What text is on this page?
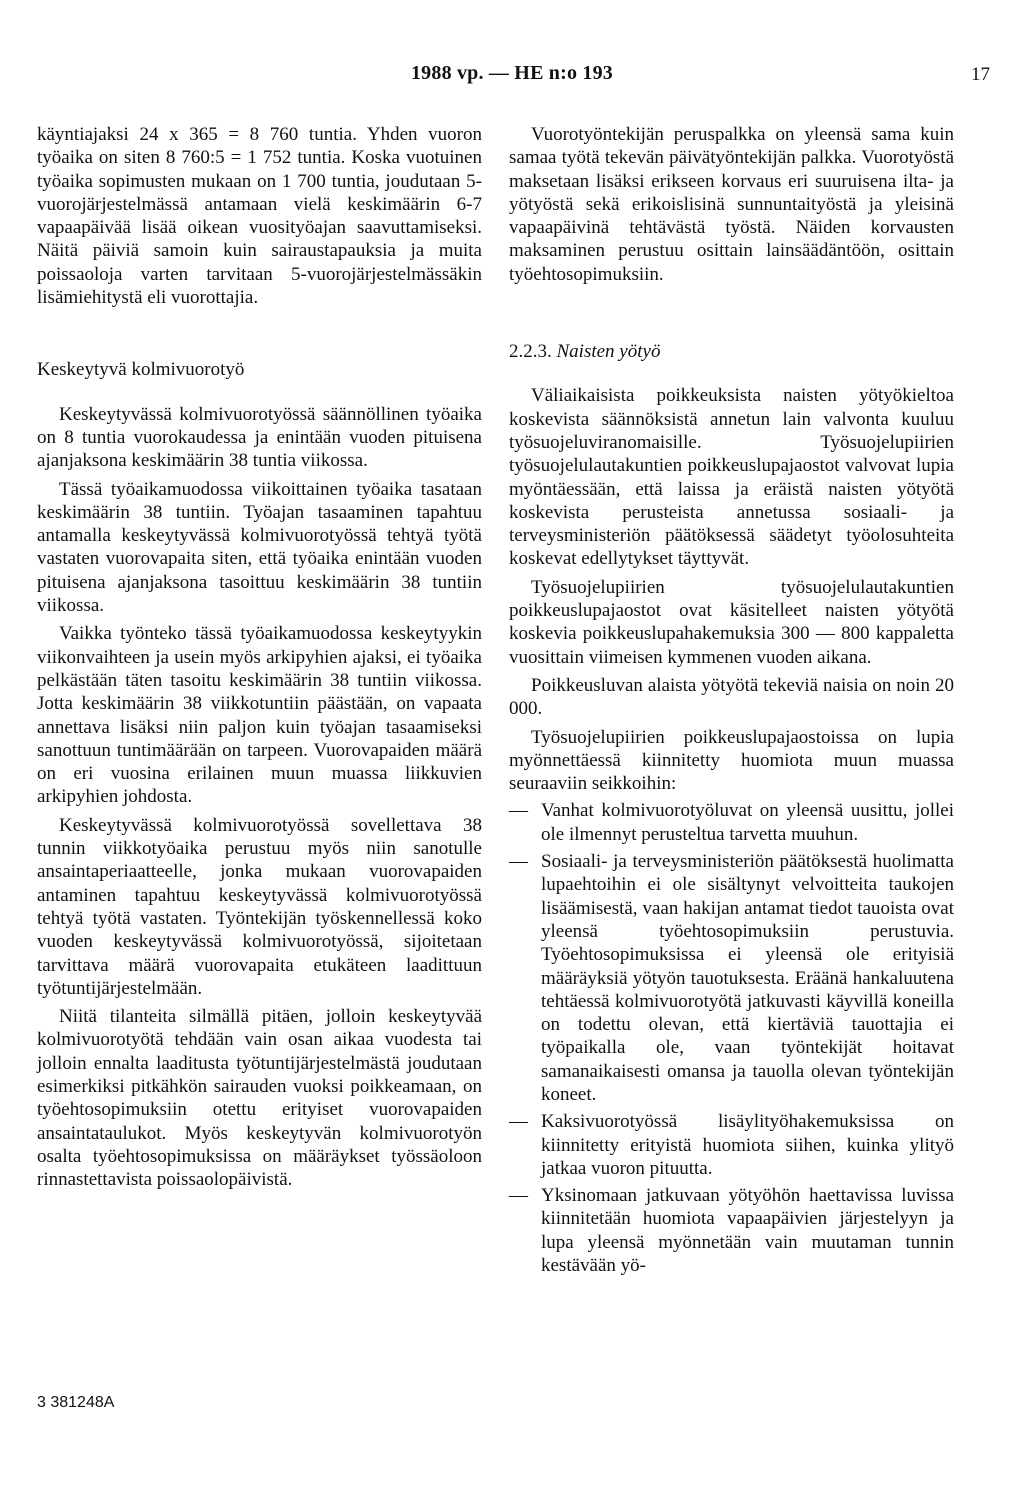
1988 vp. — HE n:o 193	17

käyntiajaksi 24 x 365 = 8 760 tuntia. Yhden vuoron työaika on siten 8 760:5 = 1 752 tuntia. Koska vuotuinen työaika sopimusten mukaan on 1 700 tuntia, joudutaan 5-vuorojärjestelmässä antamaan vielä keskimäärin 6-7 vapaapäivää lisää oikean vuosityöajan saavuttamiseksi. Näitä päiviä samoin kuin sairaustapauksia ja muita poissaoloja varten tarvitaan 5-vuorojärjestelmässäkin lisämiehitystä eli vuorottajia.

Keskeytyvä kolmivuorotyö

Keskeytyvässä kolmivuorotyössä säännöllinen työaika on 8 tuntia vuorokaudessa ja enintään vuoden pituisena ajanjaksona keskimäärin 38 tuntia viikossa.

Tässä työaikamuodossa viikoittainen työaika tasataan keskimäärin 38 tuntiin. Työajan tasaaminen tapahtuu antamalla keskeytyvässä kolmivuorotyössä tehtyä työtä vastaten vuorovapaita siten, että työaika enintään vuoden pituisena ajanjaksona tasoittuu keskimäärin 38 tuntiin viikossa.

Vaikka työnteko tässä työaikamuodossa keskeytyykin viikonvaihteen ja usein myös arkipyhien ajaksi, ei työaika pelkästään täten tasoitu keskimäärin 38 tuntiin viikossa. Jotta keskimäärin 38 viikkotuntiin päästään, on vapaata annettava lisäksi niin paljon kuin työajan tasaamiseksi sanottuun tuntimäärään on tarpeen. Vuorovapaiden määrä on eri vuosina erilainen muun muassa liikkuvien arkipyhien johdosta.

Keskeytyvässä kolmivuorotyössä sovellettava 38 tunnin viikkotyöaika perustuu myös niin sanotulle ansaintaperiaatteelle, jonka mukaan vuorovapaiden antaminen tapahtuu keskeytyvässä kolmivuorotyössä tehtyä työtä vastaten. Työntekijän työskennellessä koko vuoden keskeytyvässä kolmivuorotyössä, sijoitetaan tarvittava määrä vuorovapaita etukäteen laadittuun työtuntijärjestelmään.

Niitä tilanteita silmällä pitäen, jolloin keskeytyvää kolmivuorotyötä tehdään vain osan aikaa vuodesta tai jolloin ennalta laaditusta työtuntijärjestelmästä joudutaan esimerkiksi pitkähkön sairauden vuoksi poikkeamaan, on työehtosopimuksiin otettu erityiset vuorovapaiden ansaintataulukot. Myös keskeytyvän kolmivuorotyön osalta työehtosopimuksissa on määräykset työssäoloon rinnastettavista poissaolopäivistä.

Vuorotyöntekijän peruspalkka on yleensä sama kuin samaa työtä tekevän päivätyöntekijän palkka. Vuorotyöstä maksetaan lisäksi erikseen korvaus eri suuruisena ilta- ja yötyöstä sekä erikoislisinä sunnuntaityöstä ja yleisinä vapaapäivinä tehtävästä työstä. Näiden korvausten maksaminen perustuu osittain lainsäädäntöön, osittain työehtosopimuksiin.

2.2.3. Naisten yötyö

Väliaikaisista poikkeuksista naisten yötyökieltoa koskevista säännöksistä annetun lain valvonta kuuluu työsuojeluviranomaisille. Työsuojelupiirien työsuojelulautakuntien poikkeuslupajaostot valvovat lupia myöntäessään, että laissa ja eräistä naisten yötyötä koskevista perusteista annetussa sosiaali- ja terveysministeriön päätöksessä säädetyt työolosuhteita koskevat edellytykset täyttyvät.

Työsuojelupiirien työsuojelulautakuntien poikkeuslupajaostot ovat käsitelleet naisten yötyötä koskevia poikkeuslupahakemuksia 300 — 800 kappaletta vuosittain viimeisen kymmenen vuoden aikana.

Poikkeusluvan alaista yötyötä tekeviä naisia on noin 20 000.

Työsuojelupiirien poikkeuslupajaostoissa on lupia myönnettäessä kiinnitetty huomiota muun muassa seuraaviin seikkoihin:

— Vanhat kolmivuorotyöluvat on yleensä uusittu, jollei ole ilmennyt perusteltua tarvetta muuhun.
— Sosiaali- ja terveysministeriön päätöksestä huolimatta lupaehtoihin ei ole sisältynyt velvoitteita taukojen lisäämisestä, vaan hakijan antamat tiedot tauoista ovat yleensä työehtosopimuksiin perustuvia. Työehtosopimuksissa ei yleensä ole erityisiä määräyksiä yötyön tauotuksesta. Eräänä hankaluutena tehtäessä kolmivuorotyötä jatkuvasti käyvillä koneilla on todettu olevan, että kiertäviä tauottajia ei työpaikalla ole, vaan työntekijät hoitavat samanaikaisesti omansa ja tauolla olevan työntekijän koneet.
— Kaksivuorotyössä lisäylityöhakemuksissa on kiinnitetty erityistä huomiota siihen, kuinka ylityö jatkaa vuoron pituutta.
— Yksinomaan jatkuvaan yötyöhön haettavissa luvissa kiinnitetään huomiota vapaapäivien järjestelyyn ja lupa yleensä myönnetään vain muutaman tunnin kestävään yö-
3 381248A
